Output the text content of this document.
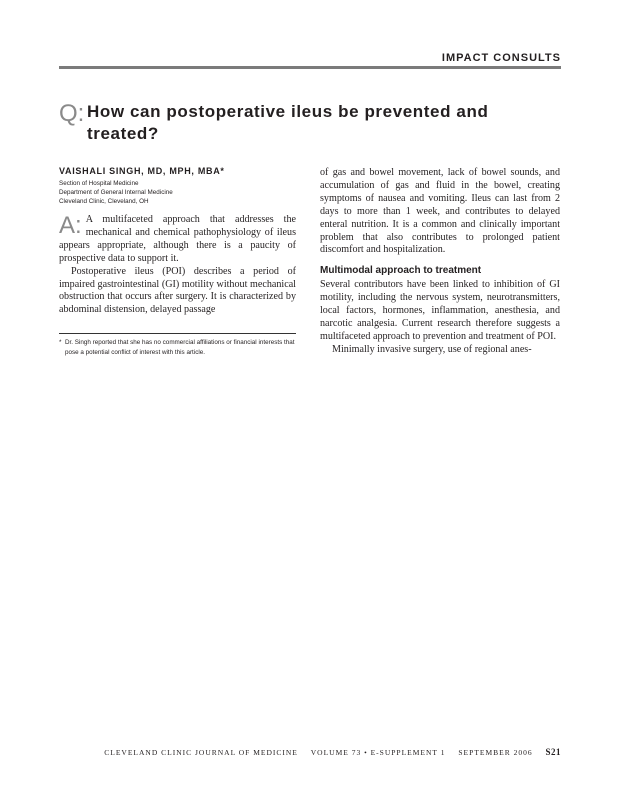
IMPACT CONSULTS
Q: How can postoperative ileus be prevented and treated?
VAISHALI SINGH, MD, MPH, MBA*
Section of Hospital Medicine
Department of General Internal Medicine
Cleveland Clinic, Cleveland, OH
A: A multifaceted approach that addresses the mechanical and chemical pathophysiology of ileus appears appropriate, although there is a paucity of prospective data to support it.

Postoperative ileus (POI) describes a period of impaired gastrointestinal (GI) motility without mechanical obstruction that occurs after surgery. It is characterized by abdominal distension, delayed passage

* Dr. Singh reported that she has no commercial affiliations or financial interests that pose a potential conflict of interest with this article.

of gas and bowel movement, lack of bowel sounds, and accumulation of gas and fluid in the bowel, creating symptoms of nausea and vomiting. Ileus can last from 2 days to more than 1 week, and contributes to delayed enteral nutrition. It is a common and clinically important problem that also contributes to prolonged patient discomfort and hospitalization.

Multimodal approach to treatment

Several contributors have been linked to inhibition of GI motility, including the nervous system, neurotransmitters, local factors, hormones, inflammation, anesthesia, and narcotic analgesia. Current research therefore suggests a multifaceted approach to prevention and treatment of POI.

Minimally invasive surgery, use of regional anes-

CLEVELAND CLINIC JOURNAL OF MEDICINE VOLUME 73 • E-SUPPLEMENT 1 SEPTEMBER 2006 S21
